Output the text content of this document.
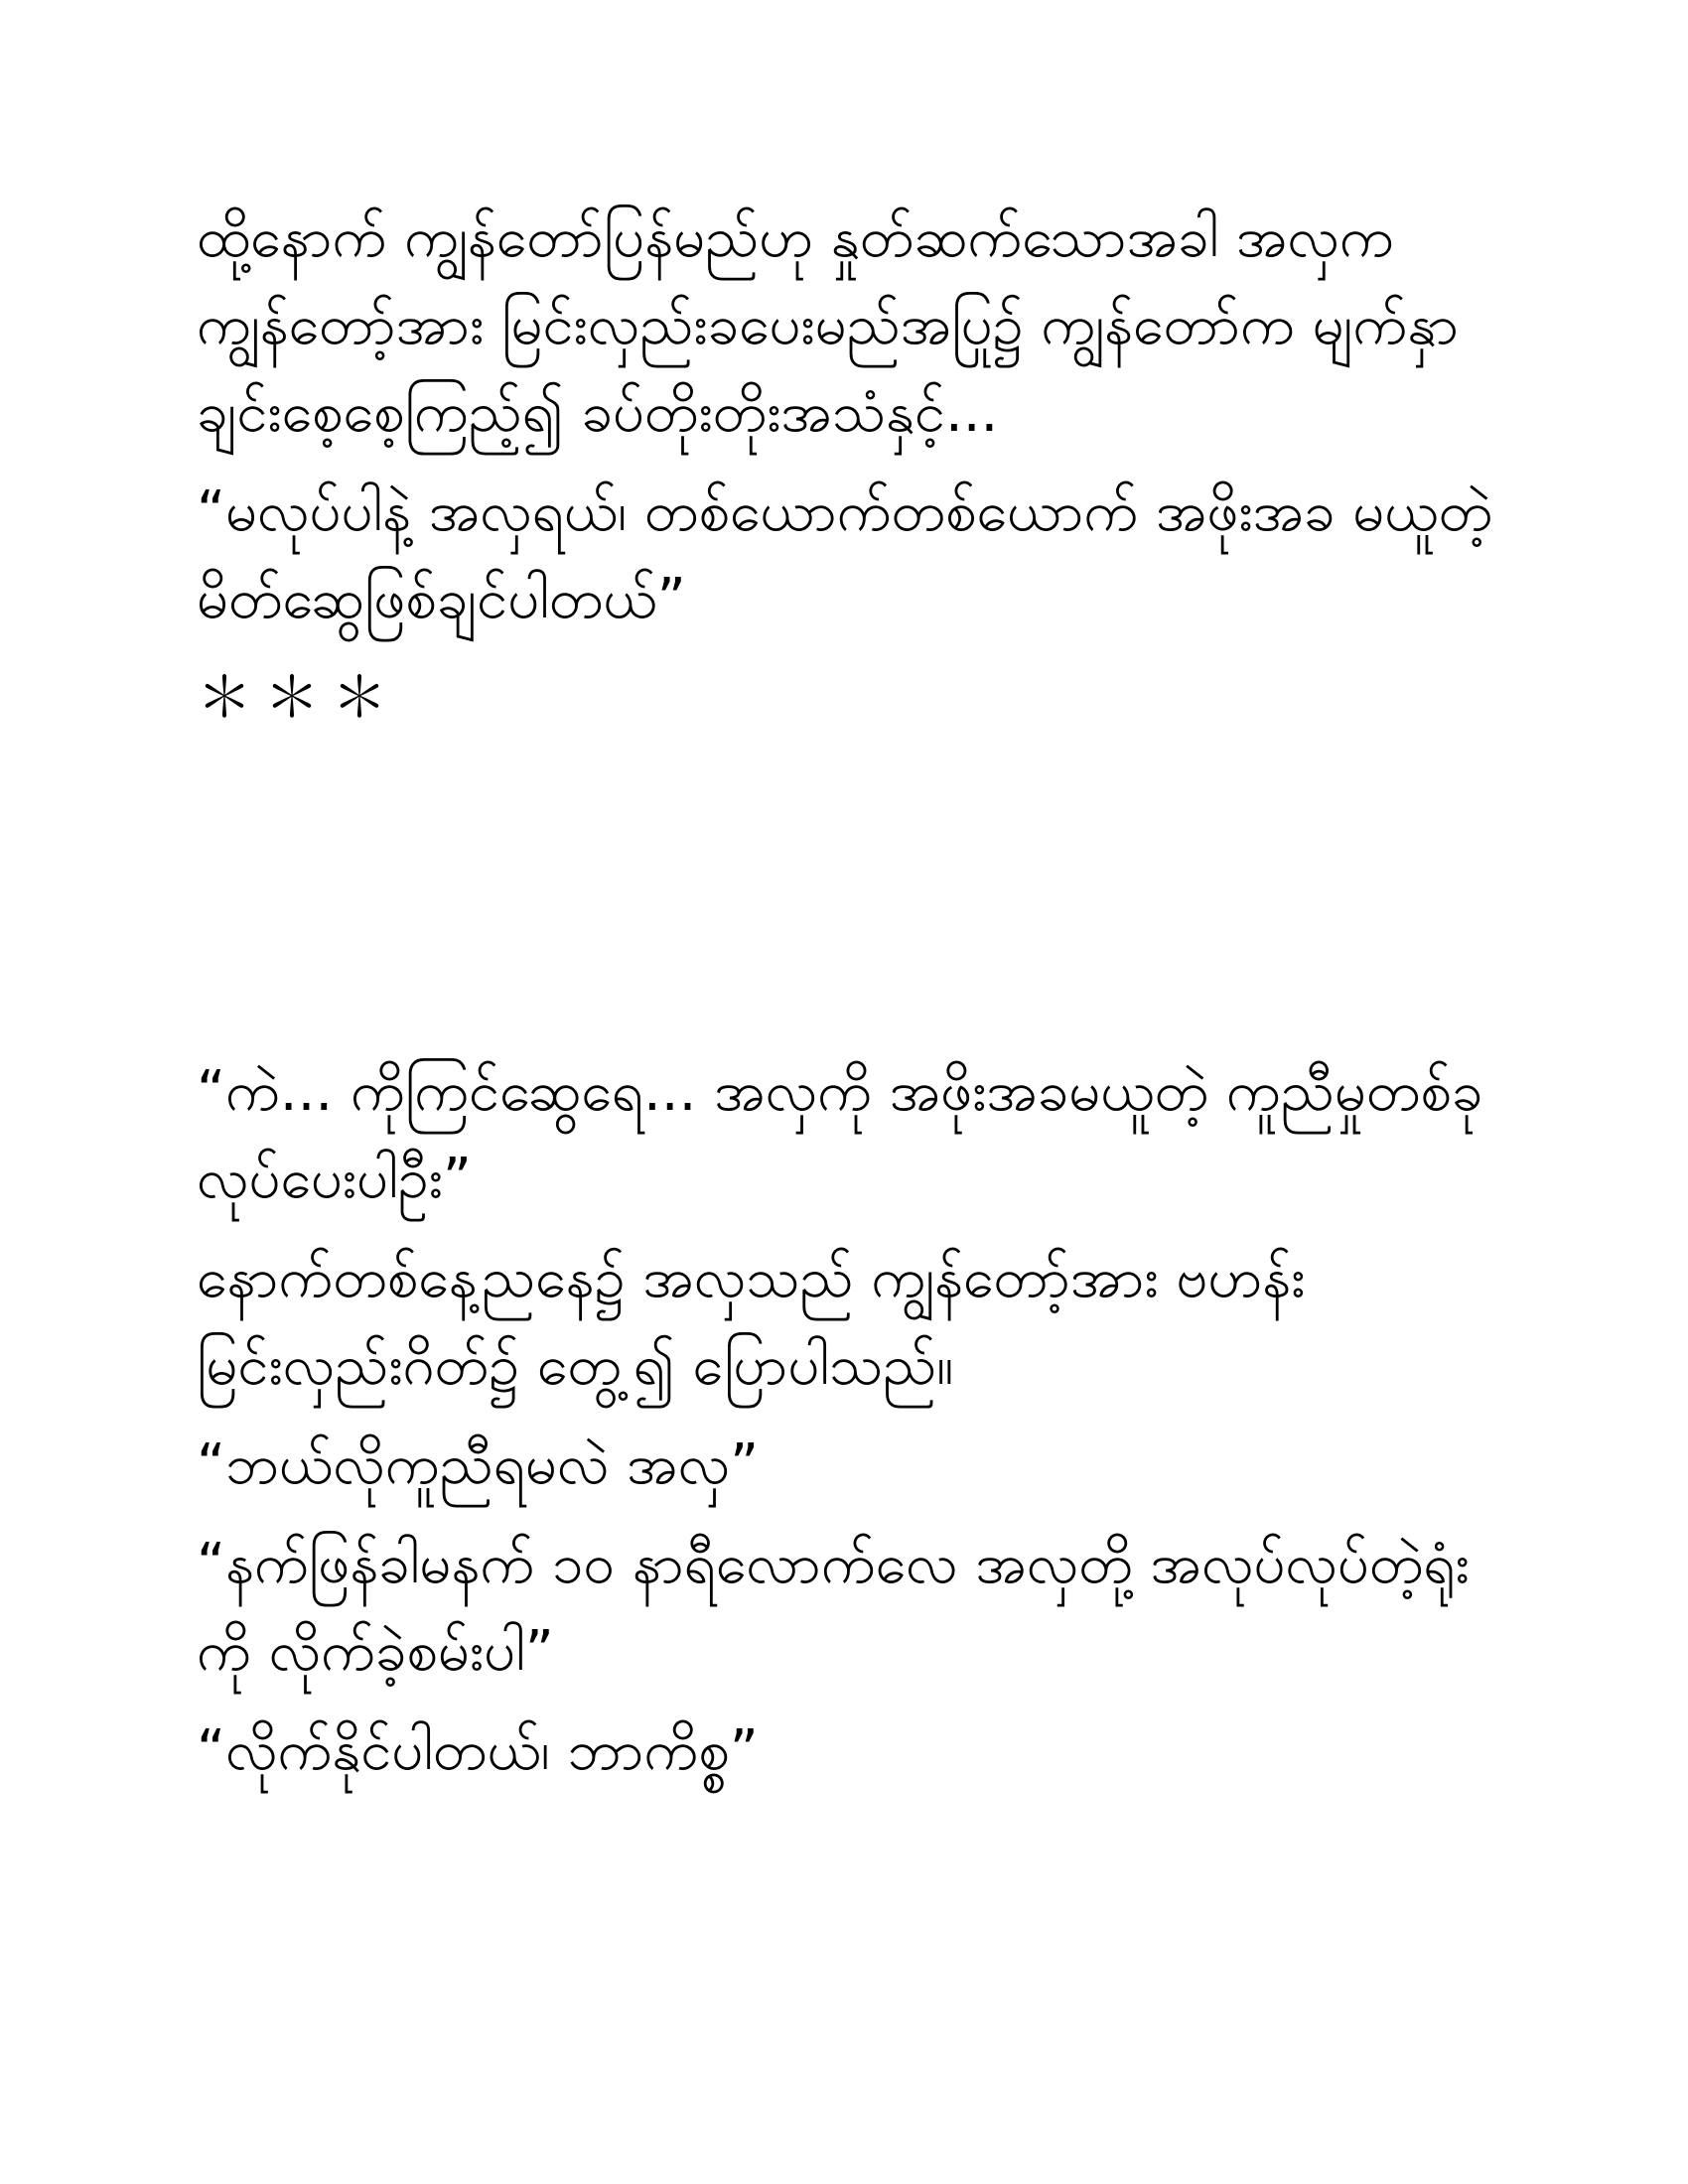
ထို့နောက် ကျွန်တော်ပြန်မည်ဟု နှုတ်ဆက်သောအခါ အလှက ကျွန်တော့်အား မြင်းလှည်းခပေးမည်အပြု၌ ကျွန်တော်က မျက်နှာချင်းစေ့စေ့ကြည့်၍ ခပ်တိုးတိုးအသံနှင့်...

“မလုပ်ပါနဲ့ အလှရယ်၊ တစ်ယောက်တစ်ယောက် အဖိုးအခ မယူတဲ့ မိတ်ဆွေဖြစ်ချင်ပါတယ်”

＊＊＊

“ကဲ... ကိုကြင်ဆွေရေ... အလှကို အဖိုးအခမယူတဲ့ ကူညီမှုတစ်ခု လုပ်ပေးပါဦး”

နောက်တစ်နေ့ညနေ၌ အလှသည် ကျွန်တော့်အား ဗဟန်းမြင်းလှည်းဂိတ်၌ တွေ့၍ ပြောပါသည်။

“ဘယ်လိုကူညီရမလဲ အလှ”

“နက်ဖြန်ခါမနက် ၁၀ နာရီလောက်လေ အလှတို့ အလုပ်လုပ်တဲ့ရုံးကို လိုက်ခဲ့စမ်းပါ”

“လိုက်နိုင်ပါတယ်၊ ဘာကိစ္စ”
